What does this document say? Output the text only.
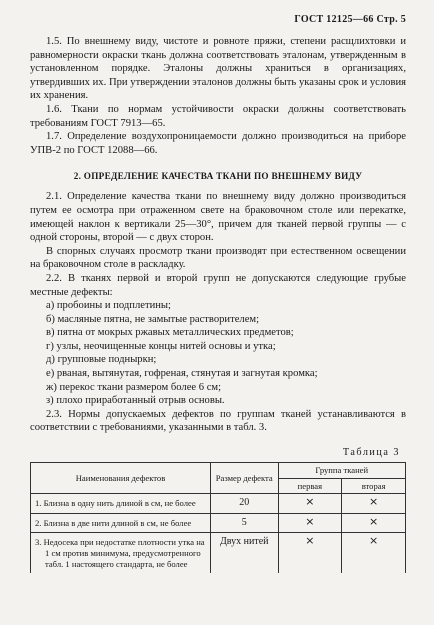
ГОСТ 12125—66 Стр. 5

1.5. По внешнему виду, чистоте и ровноте пряжи, степени расщлихтовки и равномерности окраски ткань должна соответствовать эталонам, утвержденным в установленном порядке. Эталоны должны храниться в организациях, утвердивших их. При утверждении эталонов должны быть указаны срок и условия их хранения.

1.6. Ткани по нормам устойчивости окраски должны соответствовать требованиям ГОСТ 7913—65.

1.7. Определение воздухопроницаемости должно производиться на приборе УПВ-2 по ГОСТ 12088—66.

2. ОПРЕДЕЛЕНИЕ КАЧЕСТВА ТКАНИ ПО ВНЕШНЕМУ ВИДУ

2.1. Определение качества ткани по внешнему виду должно производиться путем ее осмотра при отраженном свете на браковочном столе или перекатке, имеющей наклон к вертикали 25—30°, причем для тканей первой группы — с одной стороны, второй — с двух сторон.

В спорных случаях просмотр ткани производят при естественном освещении на браковочном столе в раскладку.

2.2. В тканях первой и второй групп не допускаются следующие грубые местные дефекты:

а) пробоины и подплетины;
б) масляные пятна, не замытые растворителем;
в) пятна от мокрых ржавых металлических предметов;
г) узлы, неочищенные концы нитей основы и утка;
д) групповые подныркн;
е) рваная, вытянутая, гофреная, стянутая и загнутая кромка;
ж) перекос ткани размером более 6 см;
з) плохо приработанный отрыв основы.

2.3. Нормы допускаемых дефектов по группам тканей устанавливаются в соответствии с требованиями, указанными в табл. 3.

Таблица 3
Наименования дефектов	Размер дефекта	Группа тканей	
		первая	вторая
1. Близна в одну нить длиной в см, не более	20	×	×
2. Близна в две нити длиной в см, не более	5	×	×
3. Недосека при недостатке плотности утка на 1 см против минимума, предусмотренного табл. 1 настоящего стандарта, не более	Двух нитей	×	×
